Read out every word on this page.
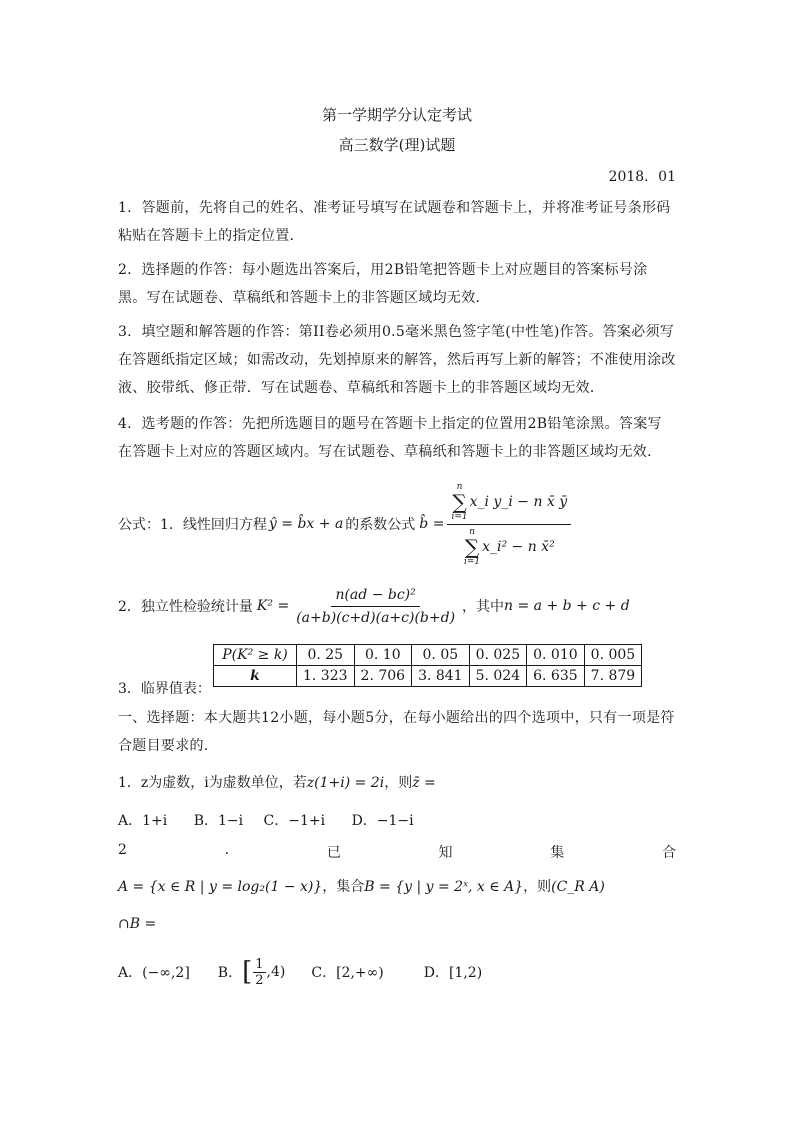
第一学期学分认定考试
高三数学(理)试题
2018．01
1．答题前，先将自己的姓名、准考证号填写在试题卷和答题卡上，并将准考证号条形码粘贴在答题卡上的指定位置．
2．选择题的作答：每小题选出答案后，用2B铅笔把答题卡上对应题目的答案标号涂黑。写在试题卷、草稿纸和答题卡上的非答题区域均无效．
3．填空题和解答题的作答：第II卷必须用0.5毫米黑色签字笔(中性笔)作答。答案必须写在答题纸指定区域；如需改动，先划掉原来的解答，然后再写上新的解答；不准使用涂改液、胶带纸、修正带．写在试题卷、草稿纸和答题卡上的非答题区域均无效．
4．选考题的作答：先把所选题目的题号在答题卡上指定的位置用2B铅笔涂黑。答案写在答题卡上对应的答题区域内。写在试题卷、草稿纸和答题卡上的非答题区域均无效．
公式：1．线性回归方程 ŷ = b̂x + a 的系数公式 b̂ = n
∑
i=1
x_i y_i − n x̄ ȳ
n
∑
i=1
x_i² − n x̄²
2．独立性检验统计量 $K^2 = \frac{\text{n(ad − bc)²}}{(a+b)(c+d)(a+c)(b+d)}$ ，其中 n = a + b + c + d
3．临界值表：
P(K² ≥ k)	0. 25	0. 10	0. 05	0. 025	0. 010	0. 005
k	1. 323	2. 706	3. 841	5. 024	6. 635	7. 879
一、选择题：本大题共12小题，每小题5分，在每小题给出的四个选项中，只有一项是符合题目要求的．
1．z为虚数，i为虚数单位，若z(1+i) = 2i，则z̄ =
A．1+i B．1−i C．−1+i D．−1−i
2	.	已	知	集	合
A = {x ∈ R | y = log₂(1 − x)}，集合B = {y | y = 2ˣ, x ∈ A}，则(C_R A)
∩B =
A．(−∞,2] B． [ $\frac{1}{2} ,4$) C．[2,+∞)	D．[1,2)
